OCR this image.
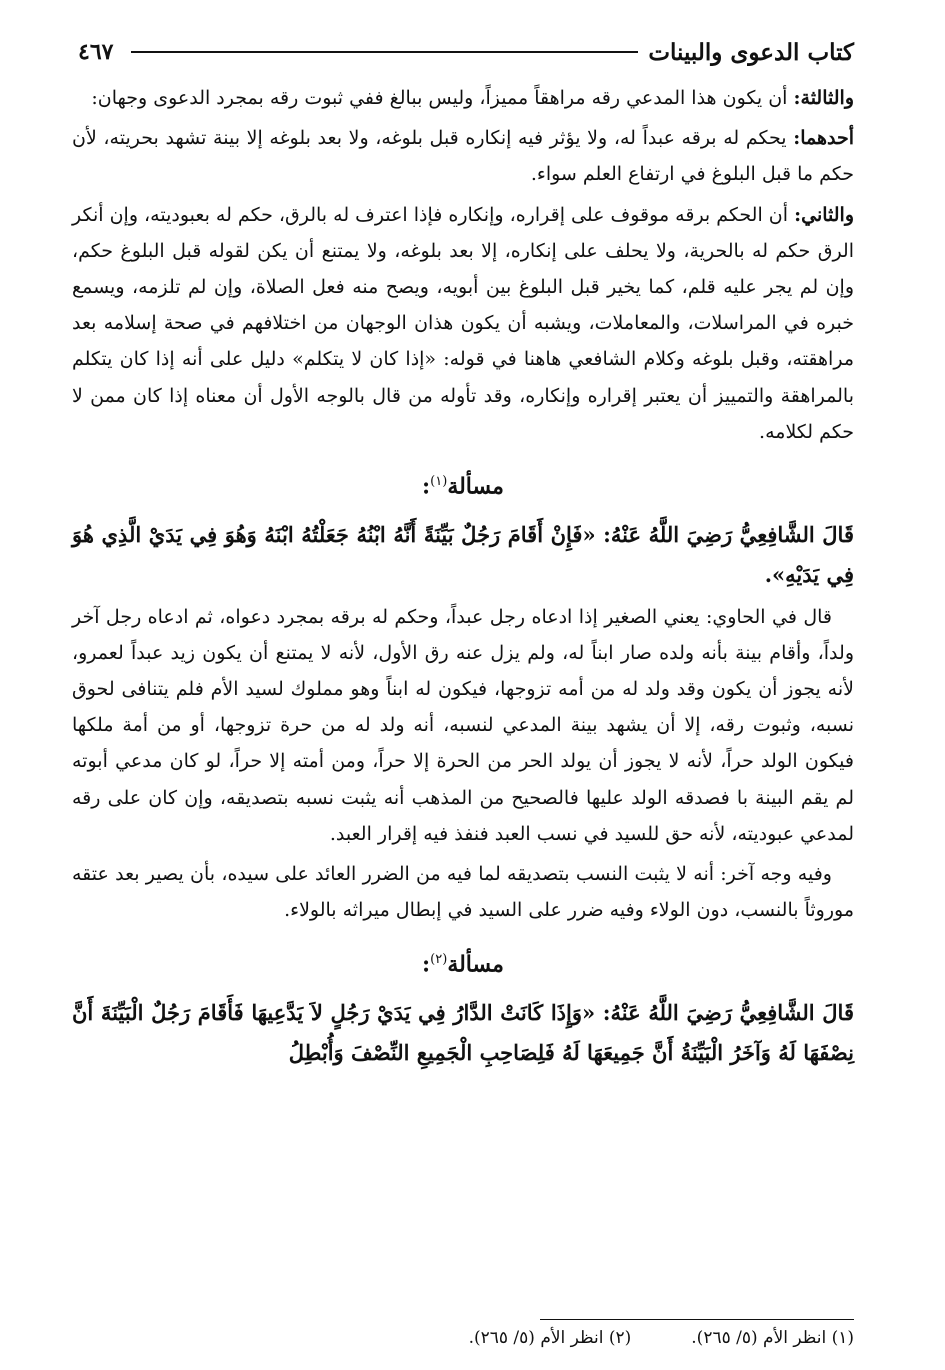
كتاب الدعوى والبينات
٤٦٧

والثالثة: أن يكون هذا المدعي رقه مراهقاً مميزاً، وليس ببالغ ففي ثبوت رقه بمجرد الدعوى وجهان:

أحدهما: يحكم له برقه عبداً له، ولا يؤثر فيه إنكاره قبل بلوغه، ولا بعد بلوغه إلا بينة تشهد بحريته، لأن حكم ما قبل البلوغ في ارتفاع العلم سواء.

والثاني: أن الحكم برقه موقوف على إقراره، وإنكاره فإذا اعترف له بالرق، حكم له بعبوديته، وإن أنكر الرق حكم له بالحرية، ولا يحلف على إنكاره، إلا بعد بلوغه، ولا يمتنع أن يكن لقوله قبل البلوغ حكم، وإن لم يجر عليه قلم، كما يخير قبل البلوغ بين أبويه، ويصح منه فعل الصلاة، وإن لم تلزمه، ويسمع خبره في المراسلات، والمعاملات، ويشبه أن يكون هذان الوجهان من اختلافهم في صحة إسلامه بعد مراهقته، وقبل بلوغه وكلام الشافعي هاهنا في قوله: «إذا كان لا يتكلم» دليل على أنه إذا كان يتكلم بالمراهقة والتمييز أن يعتبر إقراره وإنكاره، وقد تأوله من قال بالوجه الأول أن معناه إذا كان ممن لا حكم لكلامه.

مسألة$^{(١)}$:

قَالَ الشَّافِعِيُّ رَضِيَ اللَّهُ عَنْهُ: «فَإِنْ أَقَامَ رَجُلٌ بَيِّنَةً أَنَّهُ ابْنُهُ جَعَلْتُهُ ابْنَهُ وَهُوَ فِي يَدَيْ الَّذِي هُوَ فِي يَدَيْهِ».

قال في الحاوي: يعني الصغير إذا ادعاه رجل عبداً، وحكم له برقه بمجرد دعواه، ثم ادعاه رجل آخر ولداً، وأقام بينة بأنه ولده صار ابناً له، ولم يزل عنه رق الأول، لأنه لا يمتنع أن يكون زيد عبداً لعمرو، لأنه يجوز أن يكون وقد ولد له من أمه تزوجها، فيكون له ابناً وهو مملوك لسيد الأم فلم يتنافى لحوق نسبه، وثبوت رقه، إلا أن يشهد بينة المدعي لنسبه، أنه ولد له من حرة تزوجها، أو من أمة ملكها فيكون الولد حراً، لأنه لا يجوز أن يولد الحر من الحرة إلا حراً، ومن أمته إلا حراً، لو كان مدعي أبوته لم يقم البينة با فصدقه الولد عليها فالصحيح من المذهب أنه يثبت نسبه بتصديقه، وإن كان على رقه لمدعي عبوديته، لأنه حق للسيد في نسب العبد فنفذ فيه إقرار العبد.

وفيه وجه آخر: أنه لا يثبت النسب بتصديقه لما فيه من الضرر العائد على سيده، بأن يصير بعد عتقه موروثاً بالنسب، دون الولاء وفيه ضرر على السيد في إبطال ميراثه بالولاء.

مسألة$^{(٢)}$:

قَالَ الشَّافِعِيُّ رَضِيَ اللَّهُ عَنْهُ: «وَإِذَا كَانَتْ الدَّارُ فِي يَدَيْ رَجُلٍ لاَ يَدَّعِيهَا فَأَقَامَ رَجُلٌ الْبَيِّنَةَ أَنَّ نِصْفَهَا لَهُ وَآخَرُ الْبَيِّنَةُ أَنَّ جَمِيعَهَا لَهُ فَلِصَاحِبِ الْجَمِيعِ النِّصْفَ وَأُبْطِلُ

(١) انظر الأم (٥/ ٢٦٥).
(٢) انظر الأم (٥/ ٢٦٥).
